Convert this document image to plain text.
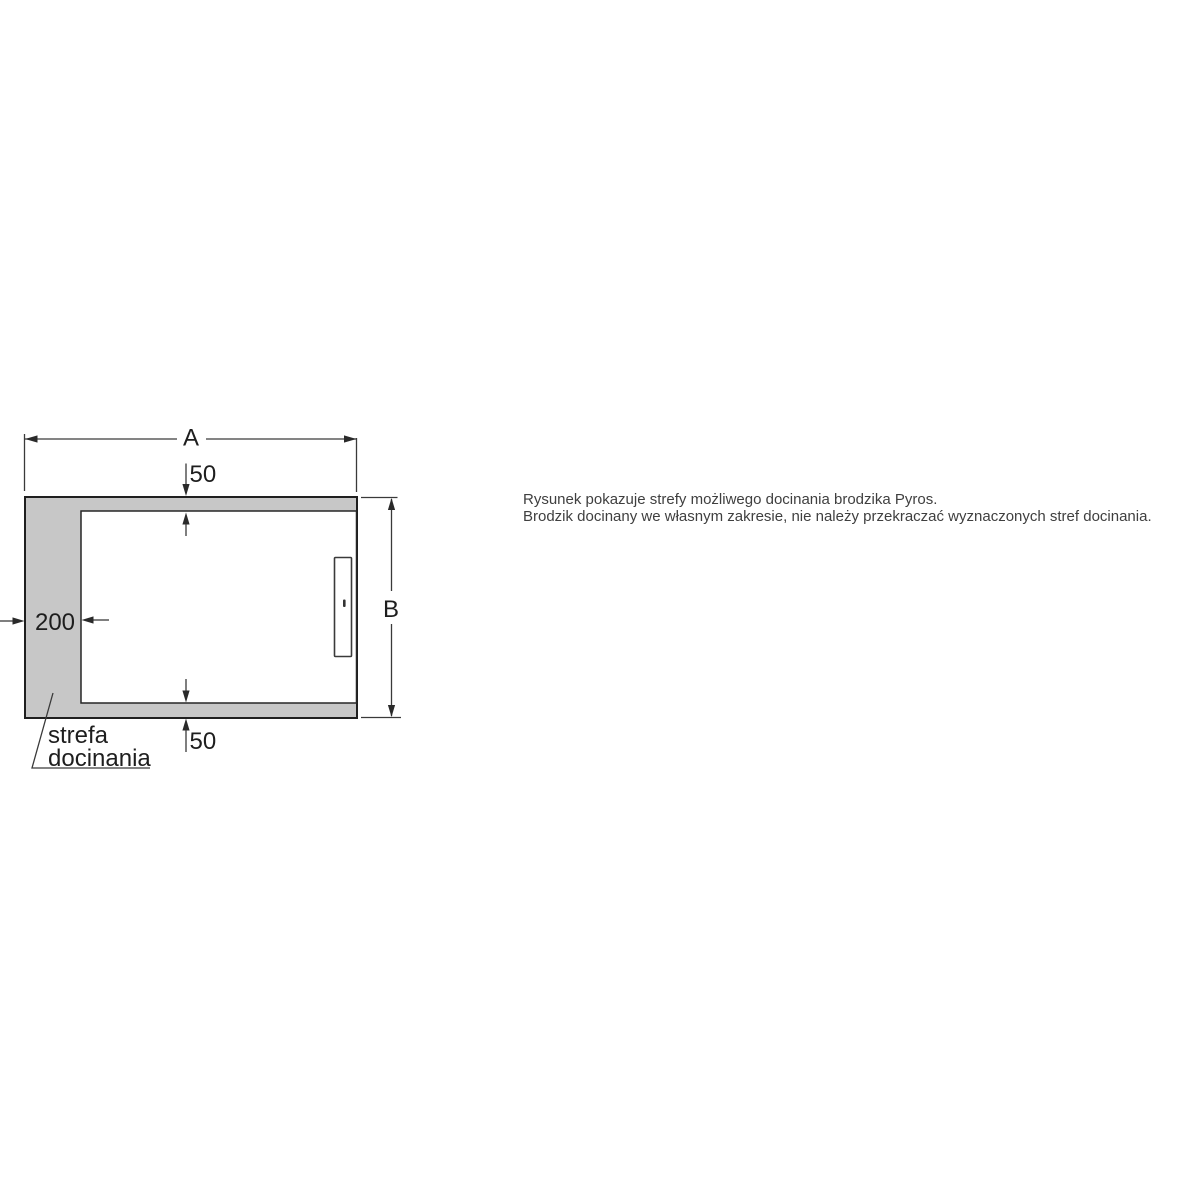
A
50
B
200
50
strefa
docinania
Rysunek pokazuje strefy możliwego docinania brodzika Pyros.
Brodzik docinany we własnym zakresie, nie należy przekraczać wyznaczonych stref docinania.
